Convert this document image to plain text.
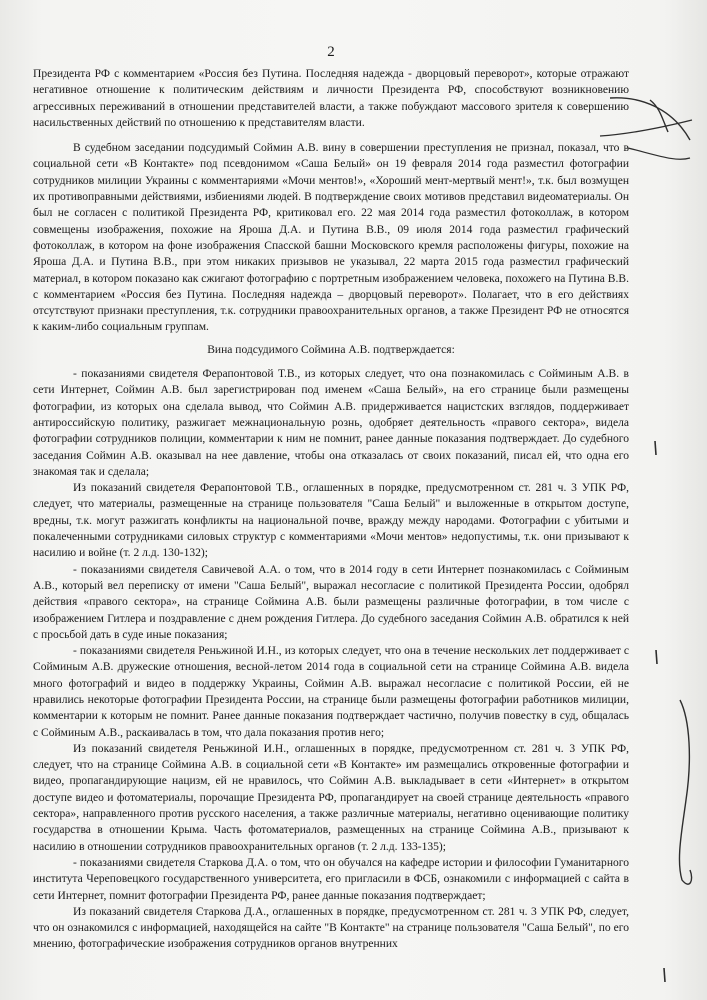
2

Президента РФ с комментарием «Россия без Путина. Последняя надежда - дворцовый переворот», которые отражают негативное отношение к политическим действиям и личности Президента РФ, способствуют возникновению агрессивных переживаний в отношении представителей власти, а также побуждают массового зрителя к совершению насильственных действий по отношению к представителям власти.

В судебном заседании подсудимый Соймин А.В. вину в совершении преступления не признал, показал, что в социальной сети «В Контакте» под псевдонимом «Саша Белый» он 19 февраля 2014 года разместил фотографии сотрудников милиции Украины с комментариями «Мочи ментов!», «Хороший мент-мертвый мент!», т.к. был возмущен их противоправными действиями, избиениями людей. В подтверждение своих мотивов представил видеоматериалы. Он был не согласен с политикой Президента РФ, критиковал его. 22 мая 2014 года разместил фотоколлаж, в котором совмещены изображения, похожие на Яроша Д.А. и Путина В.В., 09 июля 2014 года разместил графический фотоколлаж, в котором на фоне изображения Спасской башни Московского кремля расположены фигуры, похожие на Яроша Д.А. и Путина В.В., при этом никаких призывов не указывал, 22 марта 2015 года разместил графический материал, в котором показано как сжигают фотографию с портретным изображением человека, похожего на Путина В.В. с комментарием «Россия без Путина. Последняя надежда – дворцовый переворот». Полагает, что в его действиях отсутствуют признаки преступления, т.к. сотрудники правоохранительных органов, а также Президент РФ не относятся к каким-либо социальным группам.

Вина подсудимого Соймина А.В. подтверждается:

- показаниями свидетеля Ферапонтовой Т.В., из которых следует, что она познакомилась с Сойминым А.В. в сети Интернет, Соймин А.В. был зарегистрирован под именем «Саша Белый», на его странице были размещены фотографии, из которых она сделала вывод, что Соймин А.В. придерживается нацистских взглядов, поддерживает антироссийскую политику, разжигает межнациональную рознь, одобряет деятельность «правого сектора», видела фотографии сотрудников полиции, комментарии к ним не помнит, ранее данные показания подтверждает. До судебного заседания Соймин А.В. оказывал на нее давление, чтобы она отказалась от своих показаний, писал ей, что одна его знакомая так и сделала;

Из показаний свидетеля Ферапонтовой Т.В., оглашенных в порядке, предусмотренном ст. 281 ч. 3 УПК РФ, следует, что материалы, размещенные на странице пользователя "Саша Белый" и выложенные в открытом доступе, вредны, т.к. могут разжигать конфликты на национальной почве, вражду между народами. Фотографии с убитыми и покалеченными сотрудниками силовых структур с комментариями «Мочи ментов» недопустимы, т.к. они призывают к насилию и войне (т. 2 л.д. 130-132);

- показаниями свидетеля Савичевой А.А. о том, что в 2014 году в сети Интернет познакомилась с Сойминым А.В., который вел переписку от имени "Саша Белый", выражал несогласие с политикой Президента России, одобрял действия «правого сектора», на странице Соймина А.В. были размещены различные фотографии, в том числе с изображением Гитлера и поздравление с днем рождения Гитлера. До судебного заседания Соймин А.В. обратился к ней с просьбой дать в суде иные показания;

- показаниями свидетеля Реньжиной И.Н., из которых следует, что она в течение нескольких лет поддерживает с Сойминым А.В. дружеские отношения, весной-летом 2014 года в социальной сети на странице Соймина А.В. видела много фотографий и видео в поддержку Украины, Соймин А.В. выражал несогласие с политикой России, ей не нравились некоторые фотографии Президента России, на странице были размещены фотографии работников милиции, комментарии к которым не помнит. Ранее данные показания подтверждает частично, получив повестку в суд, общалась с Сойминым А.В., раскаивалась в том, что дала показания против него;

Из показаний свидетеля Реньжиной И.Н., оглашенных в порядке, предусмотренном ст. 281 ч. 3 УПК РФ, следует, что на странице Соймина А.В. в социальной сети «В Контакте» им размещались откровенные фотографии и видео, пропагандирующие нацизм, ей не нравилось, что Соймин А.В. выкладывает в сети «Интернет» в открытом доступе видео и фотоматериалы, порочащие Президента РФ, пропагандирует на своей странице деятельность «правого сектора», направленного против русского населения, а также различные материалы, негативно оценивающие политику государства в отношении Крыма. Часть фотоматериалов, размещенных на странице Соймина А.В., призывают к насилию в отношении сотрудников правоохранительных органов (т. 2 л.д. 133-135);

- показаниями свидетеля Старкова Д.А. о том, что он обучался на кафедре истории и философии Гуманитарного института Череповецкого государственного университета, его пригласили в ФСБ, ознакомили с информацией с сайта в сети Интернет, помнит фотографии Президента РФ, ранее данные показания подтверждает;

Из показаний свидетеля Старкова Д.А., оглашенных в порядке, предусмотренном ст. 281 ч. 3 УПК РФ, следует, что он ознакомился с информацией, находящейся на сайте "В Контакте" на странице пользователя "Саша Белый", по его мнению, фотографические изображения сотрудников органов внутренних
